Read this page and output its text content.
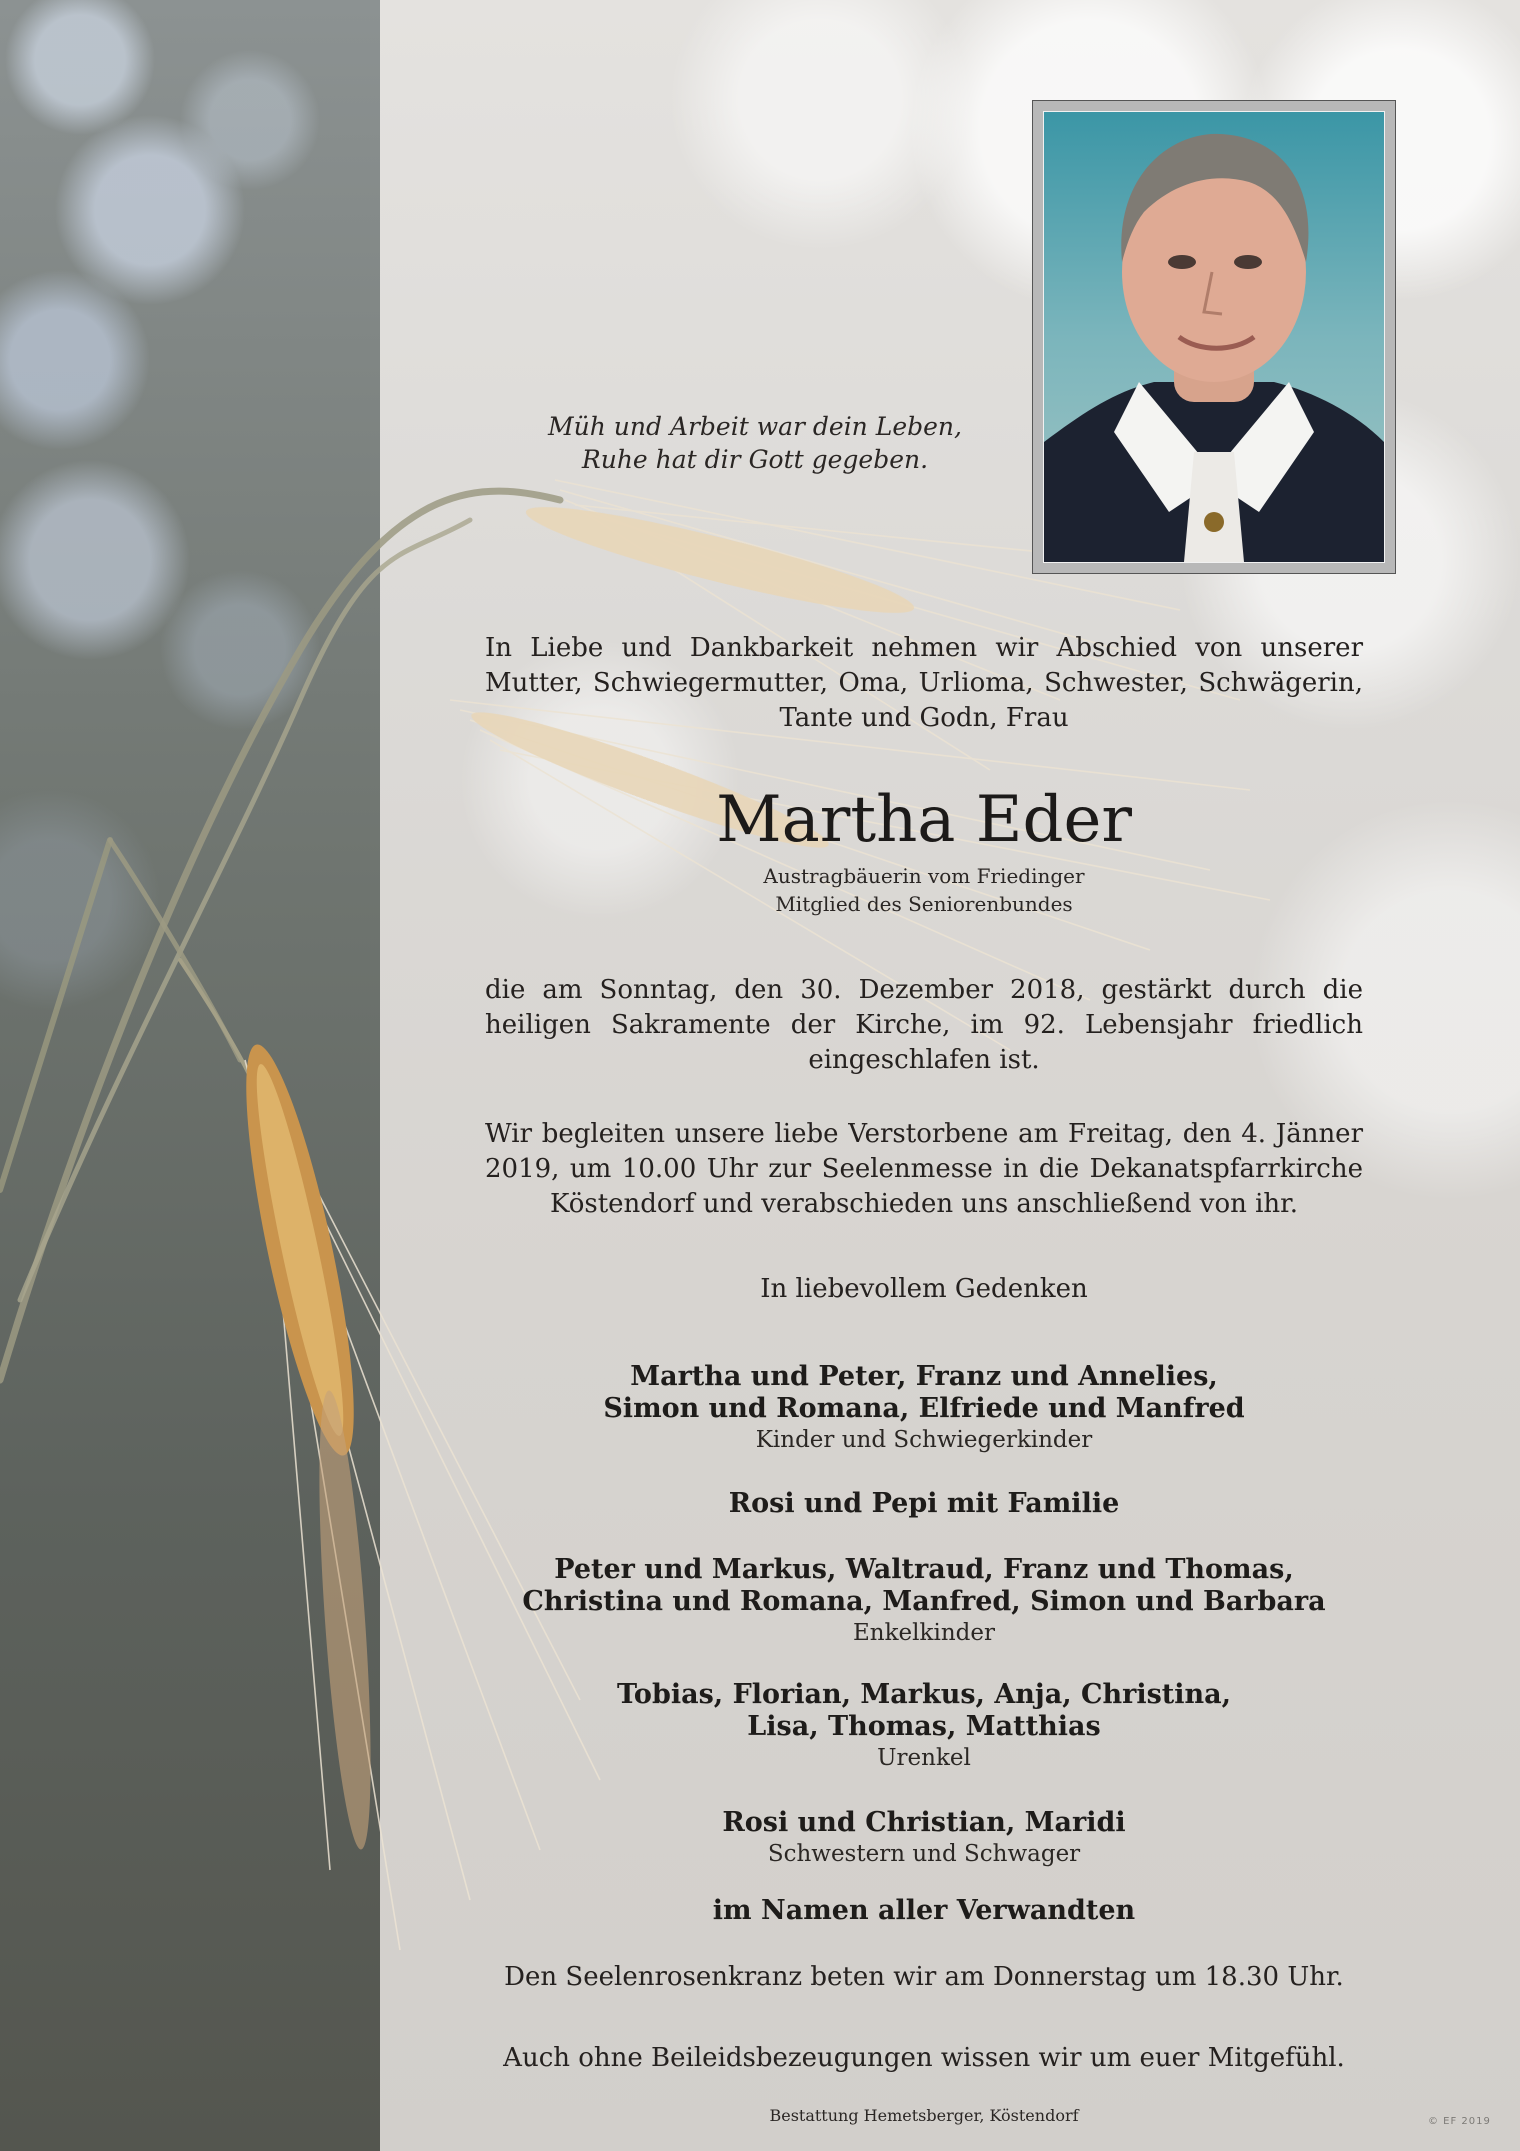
Müh und Arbeit war dein Leben,
Ruhe hat dir Gott gegeben.
In Liebe und Dankbarkeit nehmen wir Abschied von unserer Mutter, Schwiegermutter, Oma, Urlioma, Schwester, Schwägerin, Tante und Godn, Frau
Martha Eder
Austragbäuerin vom Friedinger
Mitglied des Seniorenbundes
die am Sonntag, den 30. Dezember 2018, gestärkt durch die heiligen Sakramente der Kirche, im 92. Lebensjahr friedlich eingeschlafen ist.
Wir begleiten unsere liebe Verstorbene am Freitag, den 4. Jänner 2019, um 10.00 Uhr zur Seelenmesse in die Dekanatspfarrkirche Köstendorf und verabschieden uns anschließend von ihr.
In liebevollem Gedenken
Martha und Peter, Franz und Annelies,
Simon und Romana, Elfriede und Manfred
Kinder und Schwiegerkinder
Rosi und Pepi mit Familie
Peter und Markus, Waltraud, Franz und Thomas,
Christina und Romana, Manfred, Simon und Barbara
Enkelkinder
Tobias, Florian, Markus, Anja, Christina,
Lisa, Thomas, Matthias
Urenkel
Rosi und Christian, Maridi
Schwestern und Schwager
im Namen aller Verwandten
Den Seelenrosenkranz beten wir am Donnerstag um 18.30 Uhr.
Auch ohne Beileidsbezeugungen wissen wir um euer Mitgefühl.
Bestattung Hemetsberger, Köstendorf	© EF 2019
